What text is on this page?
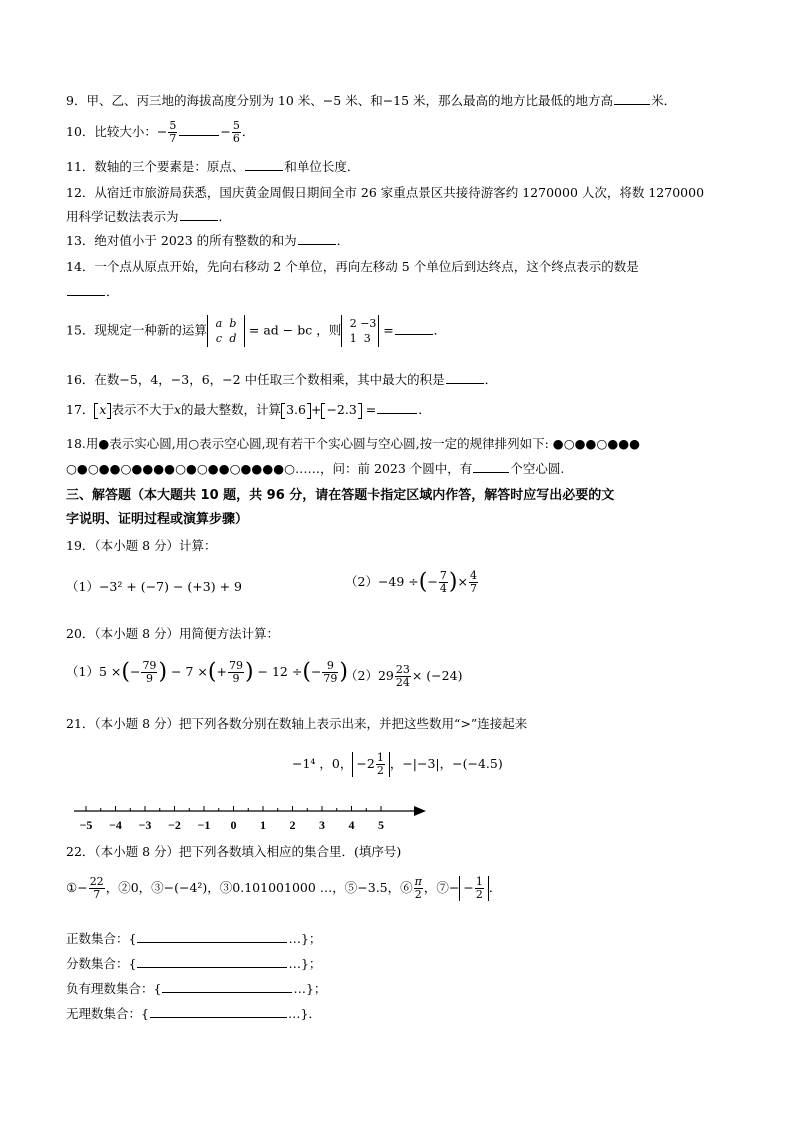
9．甲、乙、丙三地的海拔高度分别为 10 米、−5 米、和−15 米，那么最高的地方比最低的地方高	米．
10．比较大小：− $\frac{5}{7}$	− $\frac{5}{6}$ ．
11．数轴的三个要素是：原点、	和单位长度．
12．从宿迁市旅游局获悉，国庆黄金周假日期间全市 26 家重点景区共接待游客约 1270000 人次，将数 1270000
用科学记数法表示为	．
13．绝对值小于 2023 的所有整数的和为	．
14．一个点从原点开始，先向右移动 2 个单位，再向左移动 5 个单位后到达终点，这个终点表示的数是
．
15．现规定一种新的运算 a b
c d = ad − bc ，则 2 −3
1 3 =	．
16．在数−5，4，−3，6，−2 中任取三个数相乘，其中最大的积是	．
17． x 表示不大于x的最大整数，计算 3.6 + −2.3 =	．
18.用●表示实心圆,用○表示空心圆,现有若干个实心圆与空心圆,按一定的规律排列如下: ●○●●○●●●
○●○●●○●●●●○●○●●○●●●●○……，问：前 2023 个圆中，有	个空心圆.
三、解答题（本大题共 10 题，共 96 分，请在答题卡指定区域内作答，解答时应写出必要的文
字说明、证明过程或演算步骤）
19．（本小题 8 分）计算：
（1）−3² + (−7) − (+3) + 9	（2）−49 ÷(− $\frac{7}{4}$ )× $\frac{4}{7}$
20．（本小题 8 分）用简便方法计算：
（1）5 ×(− $\frac{79}{9}$ ) − 7 ×(+ $\frac{79}{9}$ ) − 12 ÷(− $\frac{9}{79}$ )
$(2)29 \frac{23}{24} \times (-24)$
21．（本小题 8 分）把下列各数分别在数轴上表示出来，并把这些数用“>”连接起来
−1⁴ ，0， $-2 \frac{1}{2}$ ，−|−3|，−(−4.5)
−5 −4 −3 −2 −1 0 1 2 3 4 5
22．（本小题 8 分）把下列各数填入相应的集合里．(填序号)
①− $\frac{22}{7}$ ，②0，③−(−4²)，③0.101001000 …，⑤−3.5，⑥ $\frac{\pi}{2}$ ，⑦− − $\frac{1}{2}$ ．
正数集合：{	…}；
分数集合：{	…}；
负有理数集合：{	…}；
无理数集合：{	…}．
